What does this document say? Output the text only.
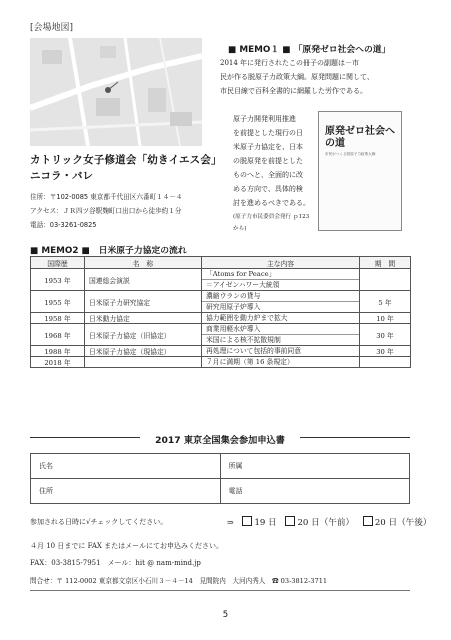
[会場地図]
カトリック女子修道会「幼きイエス会」
ニコラ・バレ
住所：〒102-0085 東京都千代田区六番町１４－４
アクセス：ＪＲ四ツ谷駅麹町口出口から徒歩約１分
電話：03-3261-0825
■ MEMO１ ■ 「原発ゼロ社会への道」
2014 年に発行されたこの冊子の副題は－市
民が作る脱原子力政策大綱。原発問題に関して、
市民目線で百科全書的に網羅した労作である。
原子力開発利用推進
を前提とした現行の日
米原子力協定を、日本
の脱原発を前提とした
ものへと、全面的に改
める方向で、具体的検
討を進めるべきである。
(原子力市民委員会発行 ｐ123
から)
原発ゼロ社会への道
市民がつくる脱原子力政策大綱
■ MEMO2 ■　日米原子力協定の流れ
国際歴	名　称	主な内容	期　間
1953 年	国連総会演説	「Atoms for Peace」
＝アイゼンハワー大統領	

1955 年	日米原子力研究協定	濃縮ウランの貸与
研究用原子炉導入	5 年
1958 年	日米動力協定	協力範囲を動力炉まで拡大	10 年
1968 年	日米原子力協定（旧協定）	商業用軽水炉導入
米国による核不拡散規制	30 年
1988 年	日米原子力協定（現協定）	再処理について包括的事前同意	30 年
2018 年		７月に満期（第 16 条規定）	

2017 東京全国集会参加申込書
氏名	所属
住所	電話
参加される日時に√チェックしてください。	⇒ 19 日 20 日（午前） 20 日（午後）
４月 10 日までに FAX またはメールにてお申込みください。
FAX：03-3815-7951　メール：hit @ nam-mind.jp
問合せ：〒 112-0002 東京都文京区小石川３－４－14　見間院内　大河内秀人　☎ 03-3812-3711
5
